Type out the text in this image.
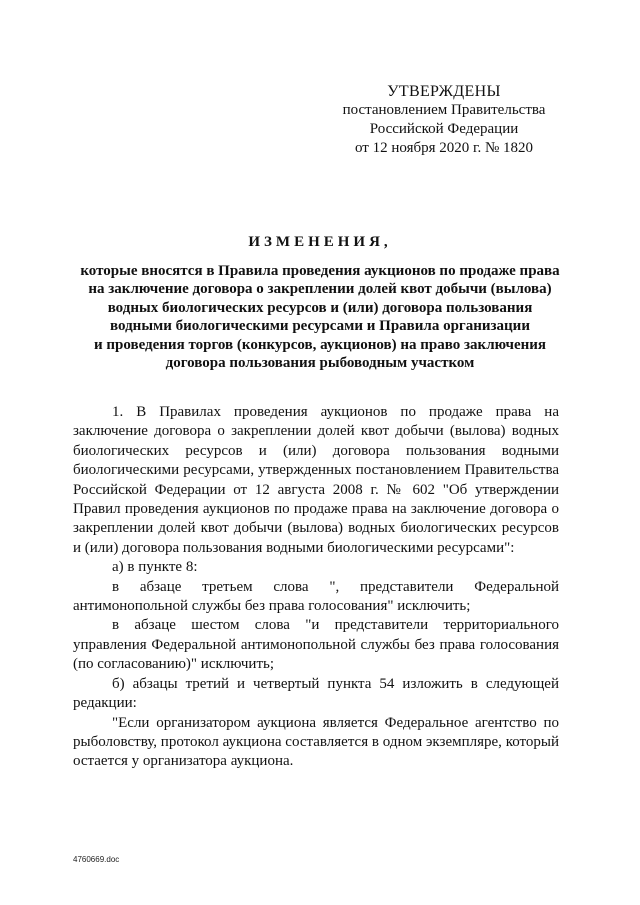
УТВЕРЖДЕНЫ
постановлением Правительства
Российской Федерации
от 12 ноября 2020 г. № 1820
ИЗМЕНЕНИЯ,
которые вносятся в Правила проведения аукционов по продаже права
на заключение договора о закреплении долей квот добычи (вылова)
водных биологических ресурсов и (или) договора пользования
водными биологическими ресурсами и Правила организации
и проведения торгов (конкурсов, аукционов) на право заключения
договора пользования рыбоводным участком

1. В Правилах проведения аукционов по продаже права на заключение договора о закреплении долей квот добычи (вылова) водных биологических ресурсов и (или) договора пользования водными биологическими ресурсами, утвержденных постановлением Правительства Российской Федерации от 12 августа 2008 г. № 602 "Об утверждении Правил проведения аукционов по продаже права на заключение договора о закреплении долей квот добычи (вылова) водных биологических ресурсов и (или) договора пользования водными биологическими ресурсами":

а) в пункте 8:

в абзаце третьем слова ", представители Федеральной антимонопольной службы без права голосования" исключить;

в абзаце шестом слова "и представители территориального управления Федеральной антимонопольной службы без права голосования (по согласованию)" исключить;

б) абзацы третий и четвертый пункта 54 изложить в следующей редакции:

"Если организатором аукциона является Федеральное агентство по рыболовству, протокол аукциона составляется в одном экземпляре, который остается у организатора аукциона.

4760669.doc
